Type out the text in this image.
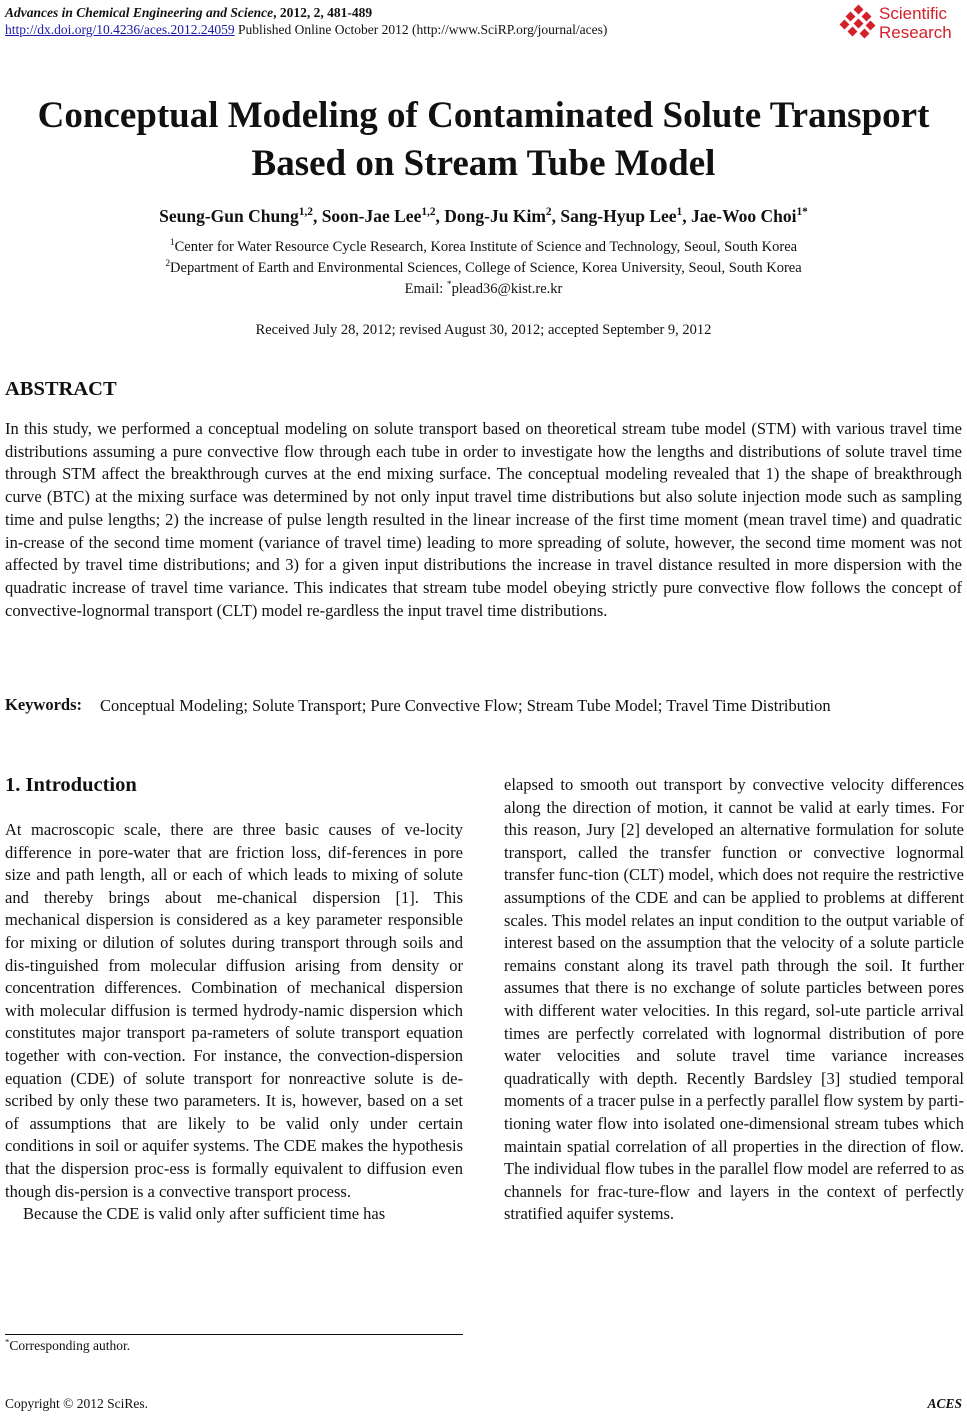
Advances in Chemical Engineering and Science, 2012, 2, 481-489
http://dx.doi.org/10.4236/aces.2012.24059 Published Online October 2012 (http://www.SciRP.org/journal/aces)
Scientific
Research
Conceptual Modeling of Contaminated Solute Transport
Based on Stream Tube Model
Seung-Gun Chung$^{1,2}$, Soon-Jae Lee$^{1,2}$, Dong-Ju Kim$^2$, Sang-Hyup Lee$^1$, Jae-Woo Choi$^{1*}$
$^1$Center for Water Resource Cycle Research, Korea Institute of Science and Technology, Seoul, South Korea
$^2$Department of Earth and Environmental Sciences, College of Science, Korea University, Seoul, South Korea
Email: *plead36@kist.re.kr
Received July 28, 2012; revised August 30, 2012; accepted September 9, 2012
ABSTRACT

In this study, we performed a conceptual modeling on solute transport based on theoretical stream tube model (STM) with various travel time distributions assuming a pure convective flow through each tube in order to investigate how the lengths and distributions of solute travel time through STM affect the breakthrough curves at the end mixing surface. The conceptual modeling revealed that 1) the shape of breakthrough curve (BTC) at the mixing surface was determined by not only input travel time distributions but also solute injection mode such as sampling time and pulse lengths; 2) the increase of pulse length resulted in the linear increase of the first time moment (mean travel time) and quadratic in-crease of the second time moment (variance of travel time) leading to more spreading of solute, however, the second time moment was not affected by travel time distributions; and 3) for a given input distributions the increase in travel distance resulted in more dispersion with the quadratic increase of travel time variance. This indicates that stream tube model obeying strictly pure convective flow follows the concept of convective-lognormal transport (CLT) model re-gardless the input travel time distributions.

Keywords: Conceptual Modeling; Solute Transport; Pure Convective Flow; Stream Tube Model; Travel Time Distribution
1. Introduction

At macroscopic scale, there are three basic causes of ve-locity difference in pore-water that are friction loss, dif-ferences in pore size and path length, all or each of which leads to mixing of solute and thereby brings about me-chanical dispersion [1]. This mechanical dispersion is considered as a key parameter responsible for mixing or dilution of solutes during transport through soils and dis-tinguished from molecular diffusion arising from density or concentration differences. Combination of mechanical dispersion with molecular diffusion is termed hydrody-namic dispersion which constitutes major transport pa-rameters of solute transport equation together with con-vection. For instance, the convection-dispersion equation (CDE) of solute transport for nonreactive solute is de-scribed by only these two parameters. It is, however, based on a set of assumptions that are likely to be valid only under certain conditions in soil or aquifer systems. The CDE makes the hypothesis that the dispersion proc-ess is formally equivalent to diffusion even though dis-persion is a convective transport process.

Because the CDE is valid only after sufficient time has

elapsed to smooth out transport by convective velocity differences along the direction of motion, it cannot be valid at early times. For this reason, Jury [2] developed an alternative formulation for solute transport, called the transfer function or convective lognormal transfer func-tion (CLT) model, which does not require the restrictive assumptions of the CDE and can be applied to problems at different scales. This model relates an input condition to the output variable of interest based on the assumption that the velocity of a solute particle remains constant along its travel path through the soil. It further assumes that there is no exchange of solute particles between pores with different water velocities. In this regard, sol-ute particle arrival times are perfectly correlated with lognormal distribution of pore water velocities and solute travel time variance increases quadratically with depth. Recently Bardsley [3] studied temporal moments of a tracer pulse in a perfectly parallel flow system by parti-tioning water flow into isolated one-dimensional stream tubes which maintain spatial correlation of all properties in the direction of flow. The individual flow tubes in the parallel flow model are referred to as channels for frac-ture-flow and layers in the context of perfectly stratified aquifer systems.

*Corresponding author.
Copyright © 2012 SciRes.	ACES
